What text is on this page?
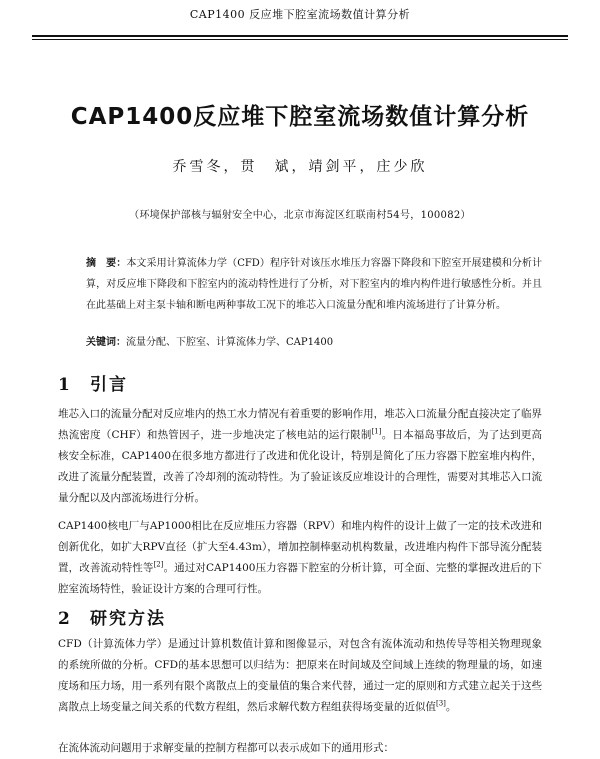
CAP1400 反应堆下腔室流场数值计算分析
CAP1400反应堆下腔室流场数值计算分析
乔雪冬，贯　斌，靖剑平，庄少欣
（环境保护部核与辐射安全中心，北京市海淀区红联南村54号，100082）
摘　要：本文采用计算流体力学（CFD）程序针对该压水堆压力容器下降段和下腔室开展建模和分析计算，对反应堆下降段和下腔室内的流动特性进行了分析，对下腔室内的堆内构件进行敏感性分析。并且在此基础上对主泵卡轴和断电两种事故工况下的堆芯入口流量分配和堆内流场进行了计算分析。
关键词：流量分配、下腔室、计算流体力学、CAP1400
1 引言
堆芯入口的流量分配对反应堆内的热工水力情况有着重要的影响作用，堆芯入口流量分配直接决定了临界热流密度（CHF）和热管因子，进一步地决定了核电站的运行限制[1]。日本福岛事故后，为了达到更高核安全标准，CAP1400在很多地方都进行了改进和优化设计，特别是简化了压力容器下腔室堆内构件，改进了流量分配装置，改善了冷却剂的流动特性。为了验证该反应堆设计的合理性，需要对其堆芯入口流量分配以及内部流场进行分析。
CAP1400核电厂与AP1000相比在反应堆压力容器（RPV）和堆内构件的设计上做了一定的技术改进和创新优化，如扩大RPV直径（扩大至4.43m），增加控制棒驱动机构数量，改进堆内构件下部导流分配装置，改善流动特性等[2]。通过对CAP1400压力容器下腔室的分析计算，可全面、完整的掌握改进后的下腔室流场特性，验证设计方案的合理可行性。
2 研究方法
CFD（计算流体力学）是通过计算机数值计算和图像显示，对包含有流体流动和热传导等相关物理现象的系统所做的分析。CFD的基本思想可以归结为：把原来在时间域及空间域上连续的物理量的场，如速度场和压力场，用一系列有限个离散点上的变量值的集合来代替，通过一定的原则和方式建立起关于这些离散点上场变量之间关系的代数方程组，然后求解代数方程组获得场变量的近似值[3]。
在流体流动问题用于求解变量的控制方程都可以表示成如下的通用形式：
